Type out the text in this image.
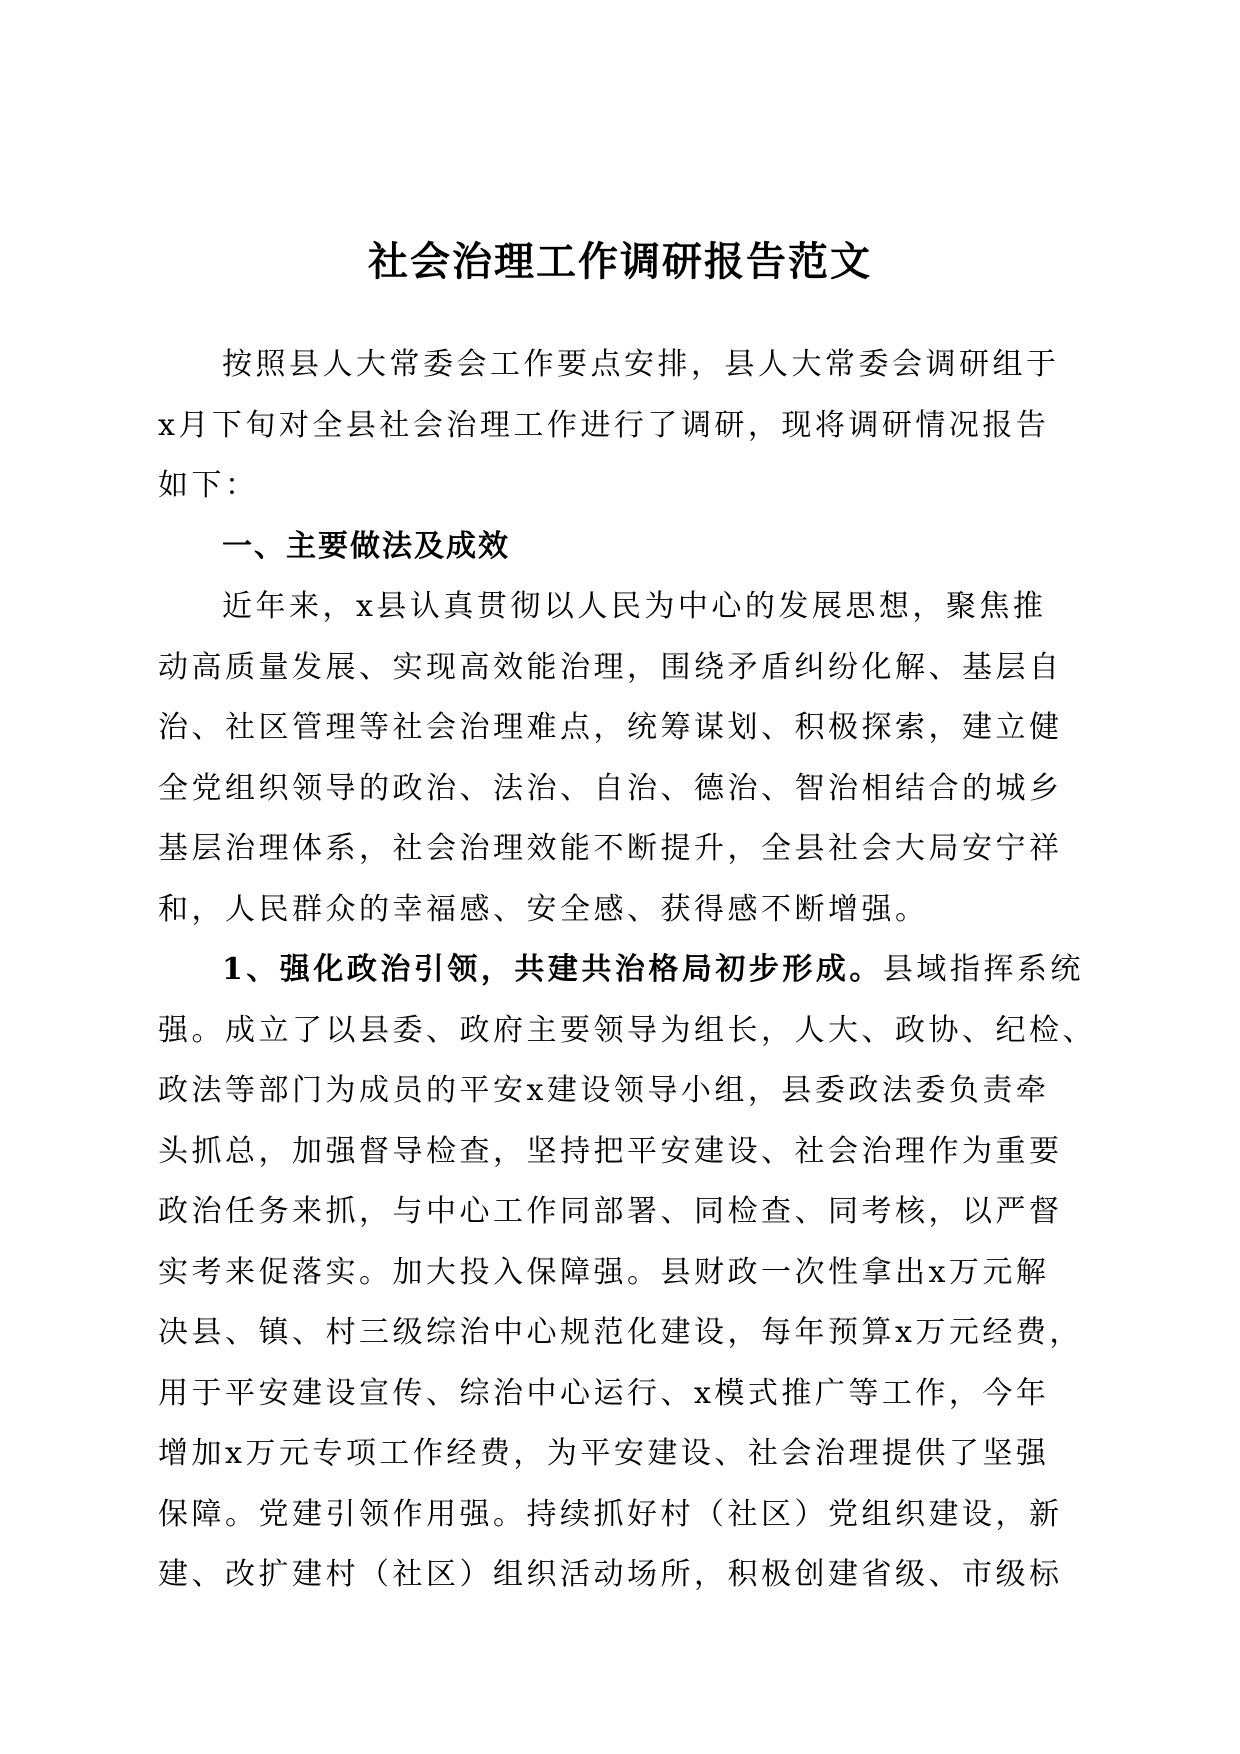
社会治理工作调研报告范文
按照县人大常委会工作要点安排，县人大常委会调研组于
x月下旬对全县社会治理工作进行了调研，现将调研情况报告
如下：
一、主要做法及成效
近年来，x县认真贯彻以人民为中心的发展思想，聚焦推
动高质量发展、实现高效能治理，围绕矛盾纠纷化解、基层自
治、社区管理等社会治理难点，统筹谋划、积极探索，建立健
全党组织领导的政治、法治、自治、德治、智治相结合的城乡
基层治理体系，社会治理效能不断提升，全县社会大局安宁祥
和，人民群众的幸福感、安全感、获得感不断增强。
1、强化政治引领，共建共治格局初步形成。县域指挥系统
强。成立了以县委、政府主要领导为组长，人大、政协、纪检、
政法等部门为成员的平安x建设领导小组，县委政法委负责牵
头抓总，加强督导检查，坚持把平安建设、社会治理作为重要
政治任务来抓，与中心工作同部署、同检查、同考核，以严督
实考来促落实。加大投入保障强。县财政一次性拿出x万元解
决县、镇、村三级综治中心规范化建设，每年预算x万元经费，
用于平安建设宣传、综治中心运行、x模式推广等工作，今年
增加x万元专项工作经费，为平安建设、社会治理提供了坚强
保障。党建引领作用强。持续抓好村（社区）党组织建设，新
建、改扩建村（社区）组织活动场所，积极创建省级、市级标
